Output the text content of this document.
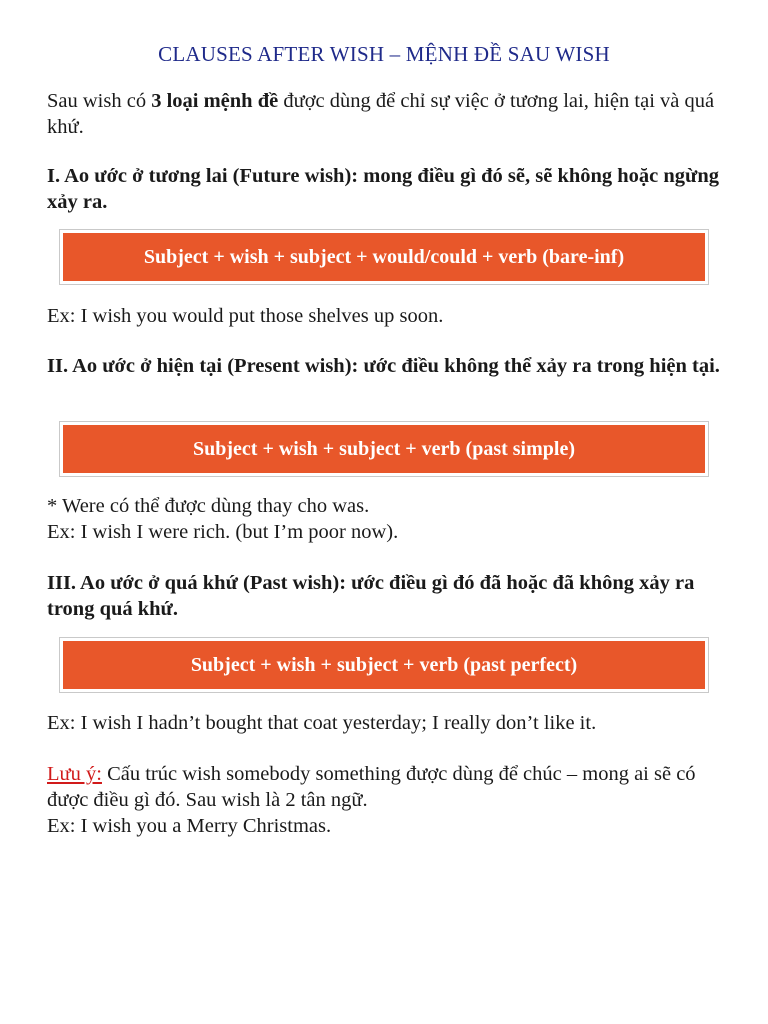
CLAUSES AFTER WISH – MỆNH ĐỀ SAU WISH
Sau wish có 3 loại mệnh đề được dùng để chỉ sự việc ở tương lai, hiện tại và quá khứ.
I. Ao ước ở tương lai (Future wish): mong điều gì đó sẽ, sẽ không hoặc ngừng xảy ra.
Subject + wish + subject + would/could + verb (bare-inf)
Ex: I wish you would put those shelves up soon.
II. Ao ước ở hiện tại (Present wish): ước điều không thể xảy ra trong hiện tại.
Subject + wish + subject + verb (past simple)
* Were có thể được dùng thay cho was.
Ex: I wish I were rich. (but I’m poor now).
III. Ao ước ở quá khứ (Past wish): ước điều gì đó đã hoặc đã không xảy ra trong quá khứ.
Subject + wish + subject + verb (past perfect)
Ex: I wish I hadn’t bought that coat yesterday; I really don’t like it.
Lưu ý: Cấu trúc wish somebody something được dùng để chúc – mong ai sẽ có được điều gì đó. Sau wish là 2 tân ngữ.
Ex: I wish you a Merry Christmas.
